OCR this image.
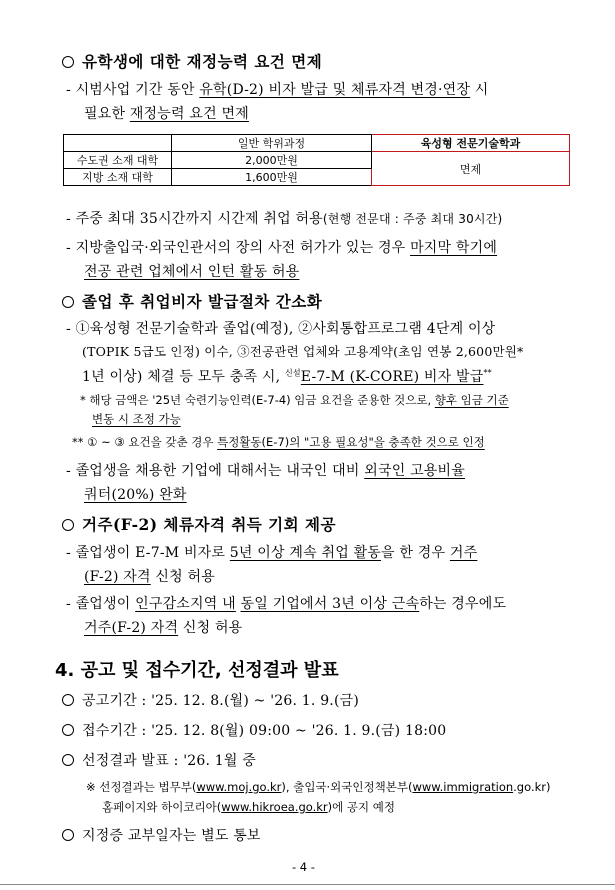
유학생에 대한 재정능력 요건 면제
- 시범사업 기간 동안 유학(D-2) 비자 발급 및 체류자격 변경·연장 시
필요한 재정능력 요건 면제
	일반 학위과정	육성형 전문기술학과
수도권 소재 대학	2,000만원	면제
지방 소재 대학	1,600만원	
- 주중 최대 35시간까지 시간제 취업 허용(현행 전문대 : 주중 최대 30시간)
- 지방출입국·외국인관서의 장의 사전 허가가 있는 경우 마지막 학기에
전공 관련 업체에서 인턴 활동 허용
졸업 후 취업비자 발급절차 간소화
- ①육성형 전문기술학과 졸업(예정), ②사회통합프로그램 4단계 이상
(TOPIK 5급도 인정) 이수, ③전공관련 업체와 고용계약(초임 연봉 2,600만원*
1년 이상) 체결 등 모두 충족 시, $^{신설}$E-7-M (K-CORE) 비자 발급**
* 해당 금액은 '25년 숙련기능인력(E-7-4) 임금 요건을 준용한 것으로, 향후 임금 기준
변동 시 조정 가능
** ① ~ ③ 요건을 갖춘 경우 특정활동(E-7)의 "고용 필요성"을 충족한 것으로 인정
- 졸업생을 채용한 기업에 대해서는 내국인 대비 외국인 고용비율
쿼터(20%) 완화
거주(F-2) 체류자격 취득 기회 제공
- 졸업생이 E-7-M 비자로 5년 이상 계속 취업 활동을 한 경우 거주
(F-2) 자격 신청 허용
- 졸업생이 인구감소지역 내 동일 기업에서 3년 이상 근속하는 경우에도
거주(F-2) 자격 신청 허용
4. 공고 및 접수기간, 선정결과 발표
공고기간 : '25. 12. 8.(월) ~ '26. 1. 9.(금)
접수기간 : '25. 12. 8(월) 09:00 ~ '26. 1. 9.(금) 18:00
선정결과 발표 : '26. 1월 중
※ 선정결과는 법무부(www.moj.go.kr), 출입국·외국인정책본부(www.immigration.go.kr)
홈페이지와 하이코리아(www.hikroea.go.kr)에 공지 예정
지정증 교부일자는 별도 통보
- 4 -
